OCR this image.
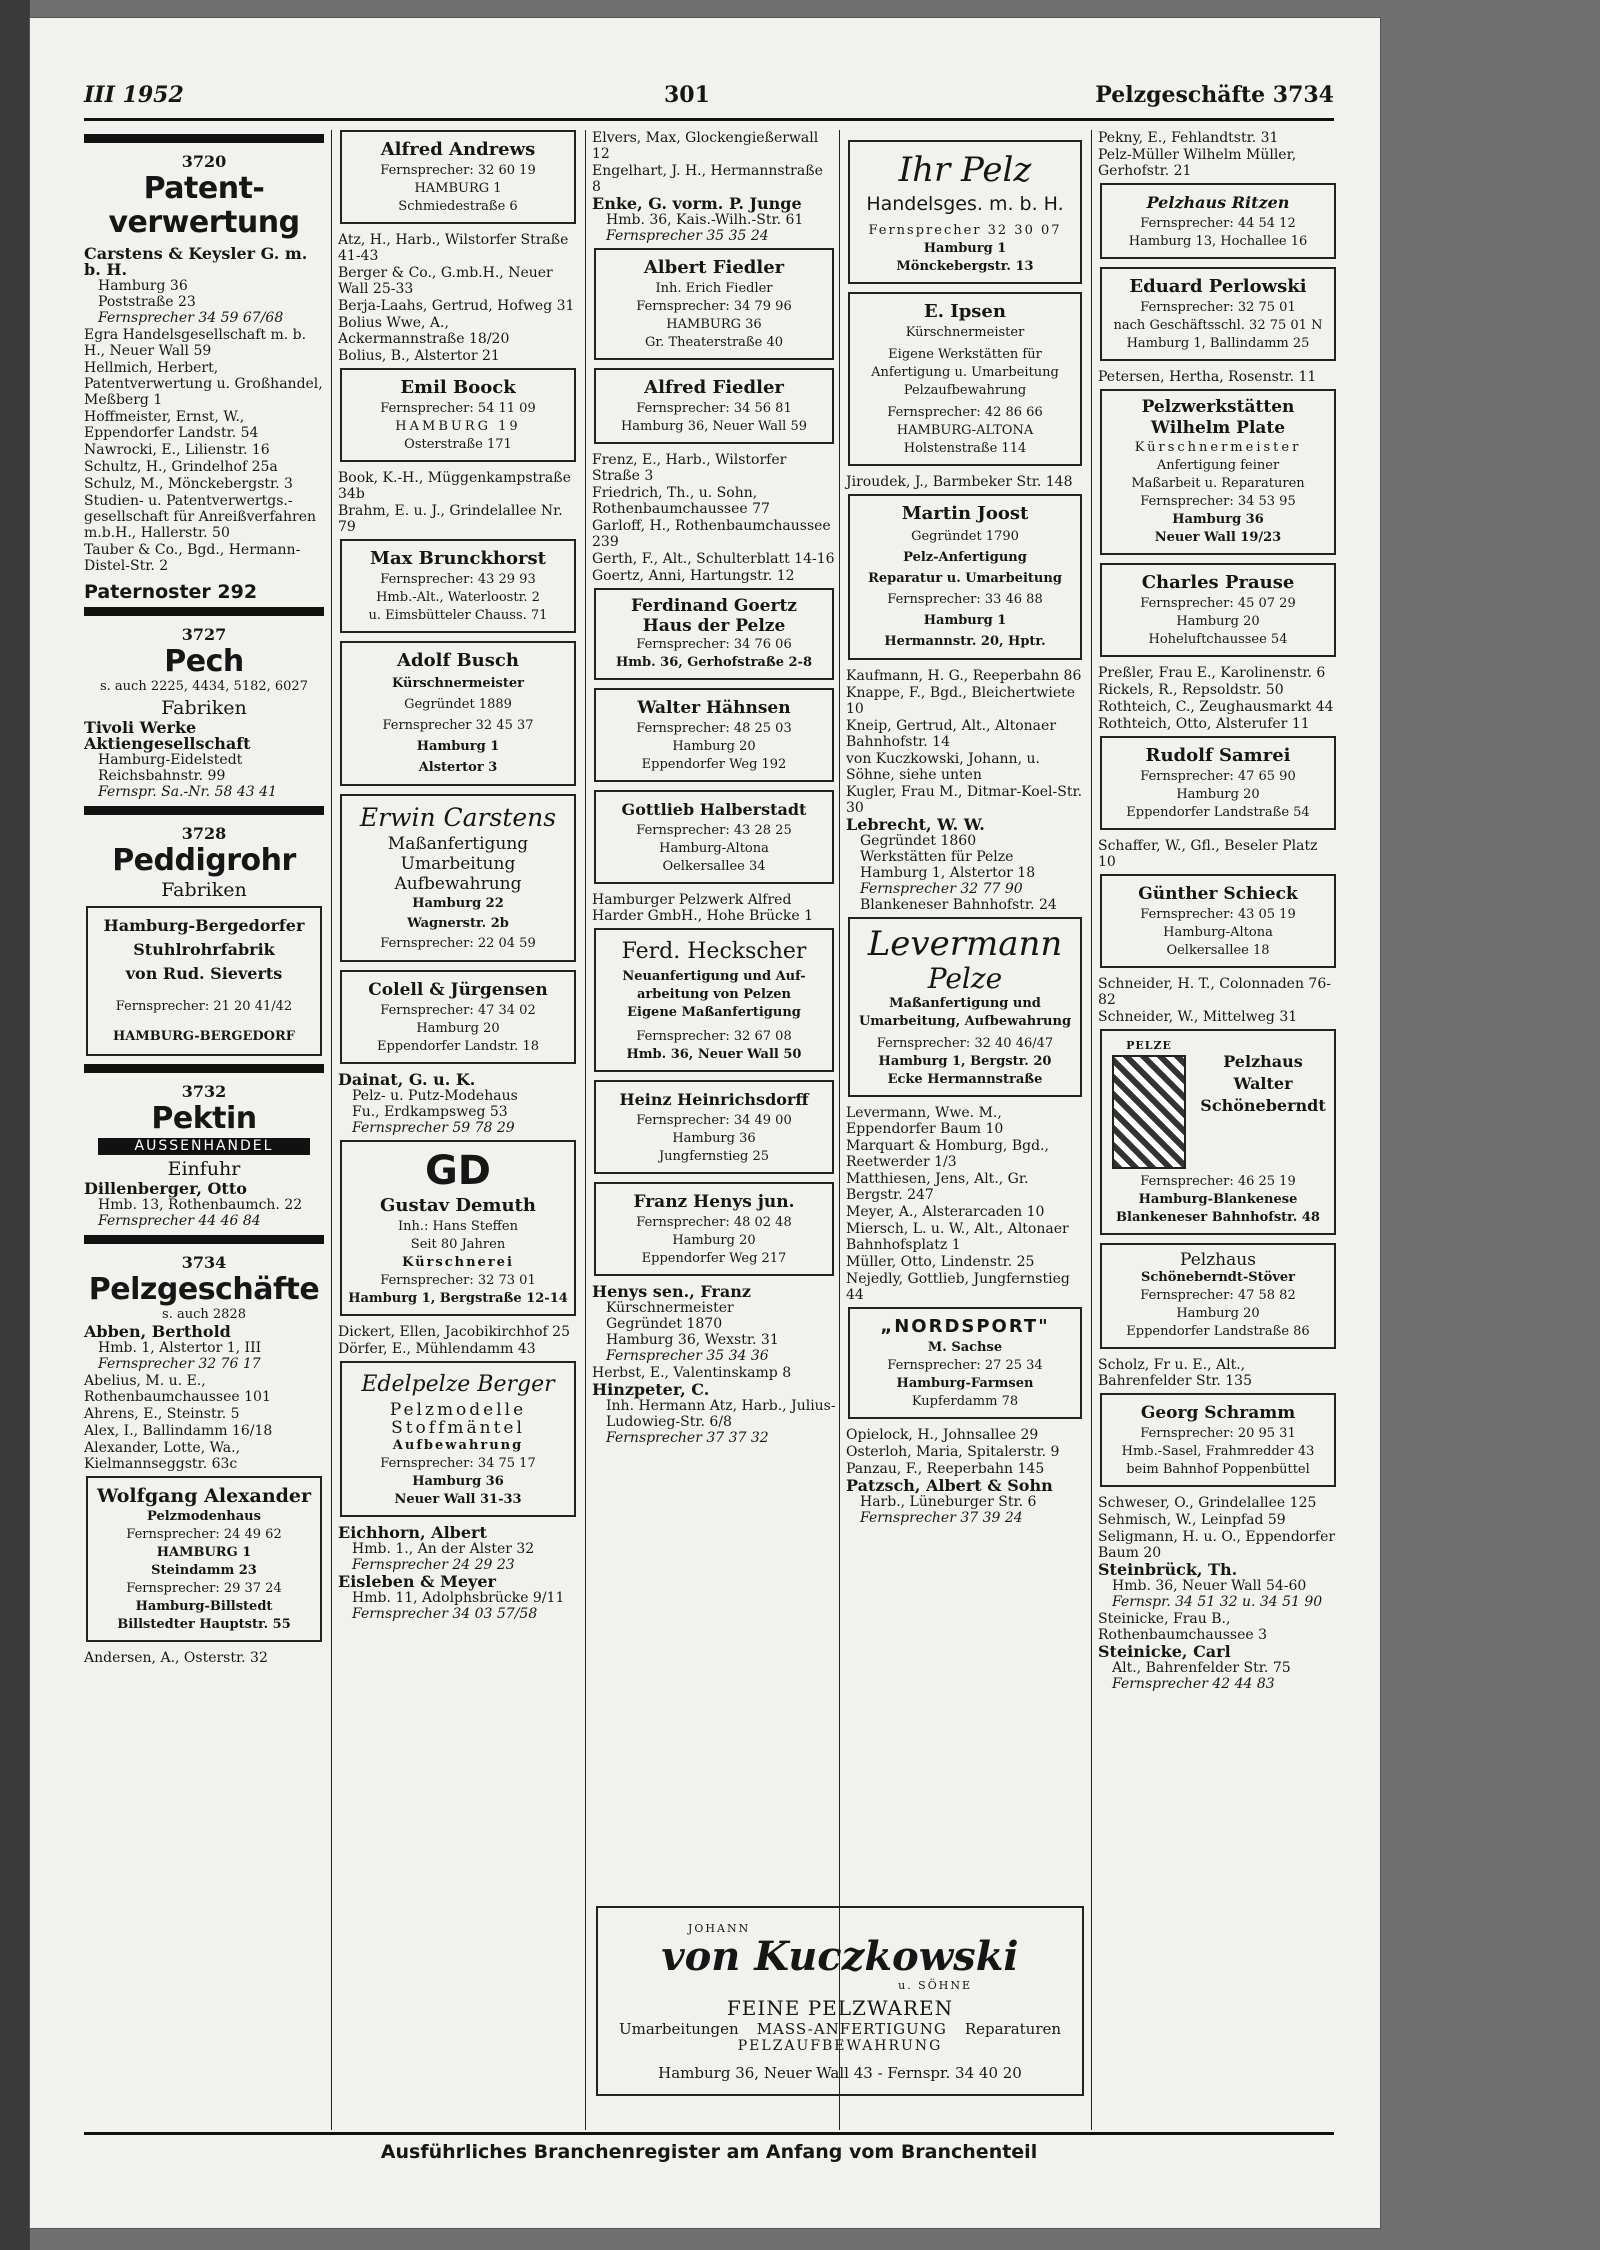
III 1952	301	Pelzgeschäfte 3734
3720
Patent-verwertung
Carstens & Keysler G. m. b. H.
Hamburg 36
Poststraße 23
Fernsprecher 34 59 67/68
Egra Handelsgesellschaft m. b. H., Neuer Wall 59
Hellmich, Herbert, Patentverwertung u. Großhandel, Meßberg 1
Hoffmeister, Ernst, W., Eppendorfer Landstr. 54
Nawrocki, E., Lilienstr. 16
Schultz, H., Grindelhof 25a
Schulz, M., Mönckebergstr. 3
Studien- u. Patentverwertgs.-gesellschaft für Anreißverfahren m.b.H., Hallerstr. 50
Tauber & Co., Bgd., Hermann-Distel-Str. 2
Paternoster 292
3727
Pech
s. auch 2225, 4434, 5182, 6027
Fabriken
Tivoli Werke Aktiengesellschaft
Hamburg-Eidelstedt
Reichsbahnstr. 99
Fernspr. Sa.-Nr. 58 43 41
3728
Peddigrohr
Fabriken
Hamburg-Bergedorfer
Stuhlrohrfabrik
von Rud. Sieverts
Fernsprecher: 21 20 41/42
HAMBURG-BERGEDORF
3732
Pektin
AUSSENHANDEL
Einfuhr
Dillenberger, Otto
Hmb. 13, Rothenbaumch. 22
Fernsprecher 44 46 84
3734
Pelzgeschäfte
s. auch 2828
Abben, Berthold
Hmb. 1, Alstertor 1, III
Fernsprecher 32 76 17
Abelius, M. u. E., Rothenbaumchaussee 101
Ahrens, E., Steinstr. 5
Alex, I., Ballindamm 16/18
Alexander, Lotte, Wa., Kielmannseggstr. 63c
Wolfgang Alexander
Pelzmodenhaus
Fernsprecher: 24 49 62
HAMBURG 1
Steindamm 23
Fernsprecher: 29 37 24
Hamburg-Billstedt
Billstedter Hauptstr. 55
Andersen, A., Osterstr. 32
Alfred Andrews
Fernsprecher: 32 60 19
HAMBURG 1
Schmiedestraße 6
Atz, H., Harb., Wilstorfer Straße 41-43
Berger & Co., G.mb.H., Neuer Wall 25-33
Berja-Laahs, Gertrud, Hofweg 31
Bolius Wwe, A., Ackermannstraße 18/20
Bolius, B., Alstertor 21
Emil Boock
Fernsprecher: 54 11 09
HAMBURG 19
Osterstraße 171
Book, K.-H., Müggenkampstraße 34b
Brahm, E. u. J., Grindelallee Nr. 79
Max Brunckhorst
Fernsprecher: 43 29 93
Hmb.-Alt., Waterloostr. 2
u. Eimsbütteler Chauss. 71
Adolf Busch
Kürschnermeister
Gegründet 1889
Fernsprecher 32 45 37
Hamburg 1
Alstertor 3
Erwin Carstens
Maßanfertigung
Umarbeitung
Aufbewahrung
Hamburg 22
Wagnerstr. 2b
Fernsprecher: 22 04 59
Colell & Jürgensen
Fernsprecher: 47 34 02
Hamburg 20
Eppendorfer Landstr. 18
Dainat, G. u. K.
Pelz- u. Putz-Modehaus
Fu., Erdkampsweg 53
Fernsprecher 59 78 29
GD
Gustav Demuth
Inh.: Hans Steffen
Seit 80 Jahren
Kürschnerei
Fernsprecher: 32 73 01
Hamburg 1, Bergstraße 12-14
Dickert, Ellen, Jacobikirchhof 25
Dörfer, E., Mühlendamm 43
Edelpelze Berger
Pelzmodelle
Stoffmäntel
Aufbewahrung
Fernsprecher: 34 75 17
Hamburg 36
Neuer Wall 31-33
Eichhorn, Albert
Hmb. 1., An der Alster 32
Fernsprecher 24 29 23
Eisleben & Meyer
Hmb. 11, Adolphsbrücke 9/11
Fernsprecher 34 03 57/58
Elvers, Max, Glockengießerwall 12
Engelhart, J. H., Hermannstraße 8
Enke, G. vorm. P. Junge
Hmb. 36, Kais.-Wilh.-Str. 61
Fernsprecher 35 35 24
Albert Fiedler
Inh. Erich Fiedler
Fernsprecher: 34 79 96
HAMBURG 36
Gr. Theaterstraße 40
Alfred Fiedler
Fernsprecher: 34 56 81
Hamburg 36, Neuer Wall 59
Frenz, E., Harb., Wilstorfer Straße 3
Friedrich, Th., u. Sohn, Rothenbaumchaussee 77
Garloff, H., Rothenbaumchaussee 239
Gerth, F., Alt., Schulterblatt 14-16
Goertz, Anni, Hartungstr. 12
Ferdinand Goertz
Haus der Pelze
Fernsprecher: 34 76 06
Hmb. 36, Gerhofstraße 2-8
Walter Hähnsen
Fernsprecher: 48 25 03
Hamburg 20
Eppendorfer Weg 192
Gottlieb Halberstadt
Fernsprecher: 43 28 25
Hamburg-Altona
Oelkersallee 34
Hamburger Pelzwerk Alfred Harder GmbH., Hohe Brücke 1
Ferd. Heckscher
Neuanfertigung und Auf-
arbeitung von Pelzen
Eigene Maßanfertigung
Fernsprecher: 32 67 08
Hmb. 36, Neuer Wall 50
Heinz Heinrichsdorff
Fernsprecher: 34 49 00
Hamburg 36
Jungfernstieg 25
Franz Henys jun.
Fernsprecher: 48 02 48
Hamburg 20
Eppendorfer Weg 217
Henys sen., Franz
Kürschnermeister
Gegründet 1870
Hamburg 36, Wexstr. 31
Fernsprecher 35 34 36
Herbst, E., Valentinskamp 8
Hinzpeter, C.
Inh. Hermann Atz, Harb., Julius-Ludowieg-Str. 6/8
Fernsprecher 37 37 32
JOHANN
von Kuczkowski
u. SÖHNE
FEINE PELZWAREN
Umarbeitungen MASS-ANFERTIGUNG Reparaturen
PELZAUFBEWAHRUNG
Hamburg 36, Neuer Wall 43 - Fernspr. 34 40 20
Ihr Pelz
Handelsges. m. b. H.
Fernsprecher 32 30 07
Hamburg 1
Mönckebergstr. 13
E. Ipsen
Kürschnermeister
Eigene Werkstätten für
Anfertigung u. Umarbeitung
Pelzaufbewahrung
Fernsprecher: 42 86 66
HAMBURG-ALTONA
Holstenstraße 114
Jiroudek, J., Barmbeker Str. 148
Martin Joost
Gegründet 1790
Pelz-Anfertigung
Reparatur u. Umarbeitung
Fernsprecher: 33 46 88
Hamburg 1
Hermannstr. 20, Hptr.
Kaufmann, H. G., Reeperbahn 86
Knappe, F., Bgd., Bleichertwiete 10
Kneip, Gertrud, Alt., Altonaer Bahnhofstr. 14
von Kuczkowski, Johann, u. Söhne, siehe unten
Kugler, Frau M., Ditmar-Koel-Str. 30
Lebrecht, W. W.
Gegründet 1860
Werkstätten für Pelze
Hamburg 1, Alstertor 18
Fernsprecher 32 77 90
Blankeneser Bahnhofstr. 24
Levermann
Pelze
Maßanfertigung und
Umarbeitung, Aufbewahrung
Fernsprecher: 32 40 46/47
Hamburg 1, Bergstr. 20
Ecke Hermannstraße
Levermann, Wwe. M., Eppendorfer Baum 10
Marquart & Homburg, Bgd., Reetwerder 1/3
Matthiesen, Jens, Alt., Gr. Bergstr. 247
Meyer, A., Alsterarcaden 10
Miersch, L. u. W., Alt., Altonaer Bahnhofsplatz 1
Müller, Otto, Lindenstr. 25
Nejedly, Gottlieb, Jungfernstieg 44
„NORDSPORT"
M. Sachse
Fernsprecher: 27 25 34
Hamburg-Farmsen
Kupferdamm 78
Opielock, H., Johnsallee 29
Osterloh, Maria, Spitalerstr. 9
Panzau, F., Reeperbahn 145
Patzsch, Albert & Sohn
Harb., Lüneburger Str. 6
Fernsprecher 37 39 24
Pekny, E., Fehlandtstr. 31
Pelz-Müller Wilhelm Müller, Gerhofstr. 21
Pelzhaus Ritzen
Fernsprecher: 44 54 12
Hamburg 13, Hochallee 16
Eduard Perlowski
Fernsprecher: 32 75 01
nach Geschäftsschl. 32 75 01 N
Hamburg 1, Ballindamm 25
Petersen, Hertha, Rosenstr. 11
Pelzwerkstätten
Wilhelm Plate
Kürschnermeister
Anfertigung feiner
Maßarbeit u. Reparaturen
Fernsprecher: 34 53 95
Hamburg 36
Neuer Wall 19/23
Charles Prause
Fernsprecher: 45 07 29
Hamburg 20
Hoheluftchaussee 54
Preßler, Frau E., Karolinenstr. 6
Rickels, R., Repsoldstr. 50
Rothteich, C., Zeughausmarkt 44
Rothteich, Otto, Alsterufer 11
Rudolf Samrei
Fernsprecher: 47 65 90
Hamburg 20
Eppendorfer Landstraße 54
Schaffer, W., Gfl., Beseler Platz 10
Günther Schieck
Fernsprecher: 43 05 19
Hamburg-Altona
Oelkersallee 18
Schneider, H. T., Colonnaden 76-82
Schneider, W., Mittelweg 31
PELZE
Pelzhaus
Walter
Schöneberndt
Fernsprecher: 46 25 19
Hamburg-Blankenese
Blankeneser Bahnhofstr. 48
Pelzhaus
Schöneberndt-Stöver
Fernsprecher: 47 58 82
Hamburg 20
Eppendorfer Landstraße 86
Scholz, Fr u. E., Alt., Bahrenfelder Str. 135
Georg Schramm
Fernsprecher: 20 95 31
Hmb.-Sasel, Frahmredder 43
beim Bahnhof Poppenbüttel
Schweser, O., Grindelallee 125
Sehmisch, W., Leinpfad 59
Seligmann, H. u. O., Eppendorfer Baum 20
Steinbrück, Th.
Hmb. 36, Neuer Wall 54-60
Fernspr. 34 51 32 u. 34 51 90
Steinicke, Frau B., Rothenbaumchaussee 3
Steinicke, Carl
Alt., Bahrenfelder Str. 75
Fernsprecher 42 44 83
Ausführliches Branchenregister am Anfang vom Branchenteil
